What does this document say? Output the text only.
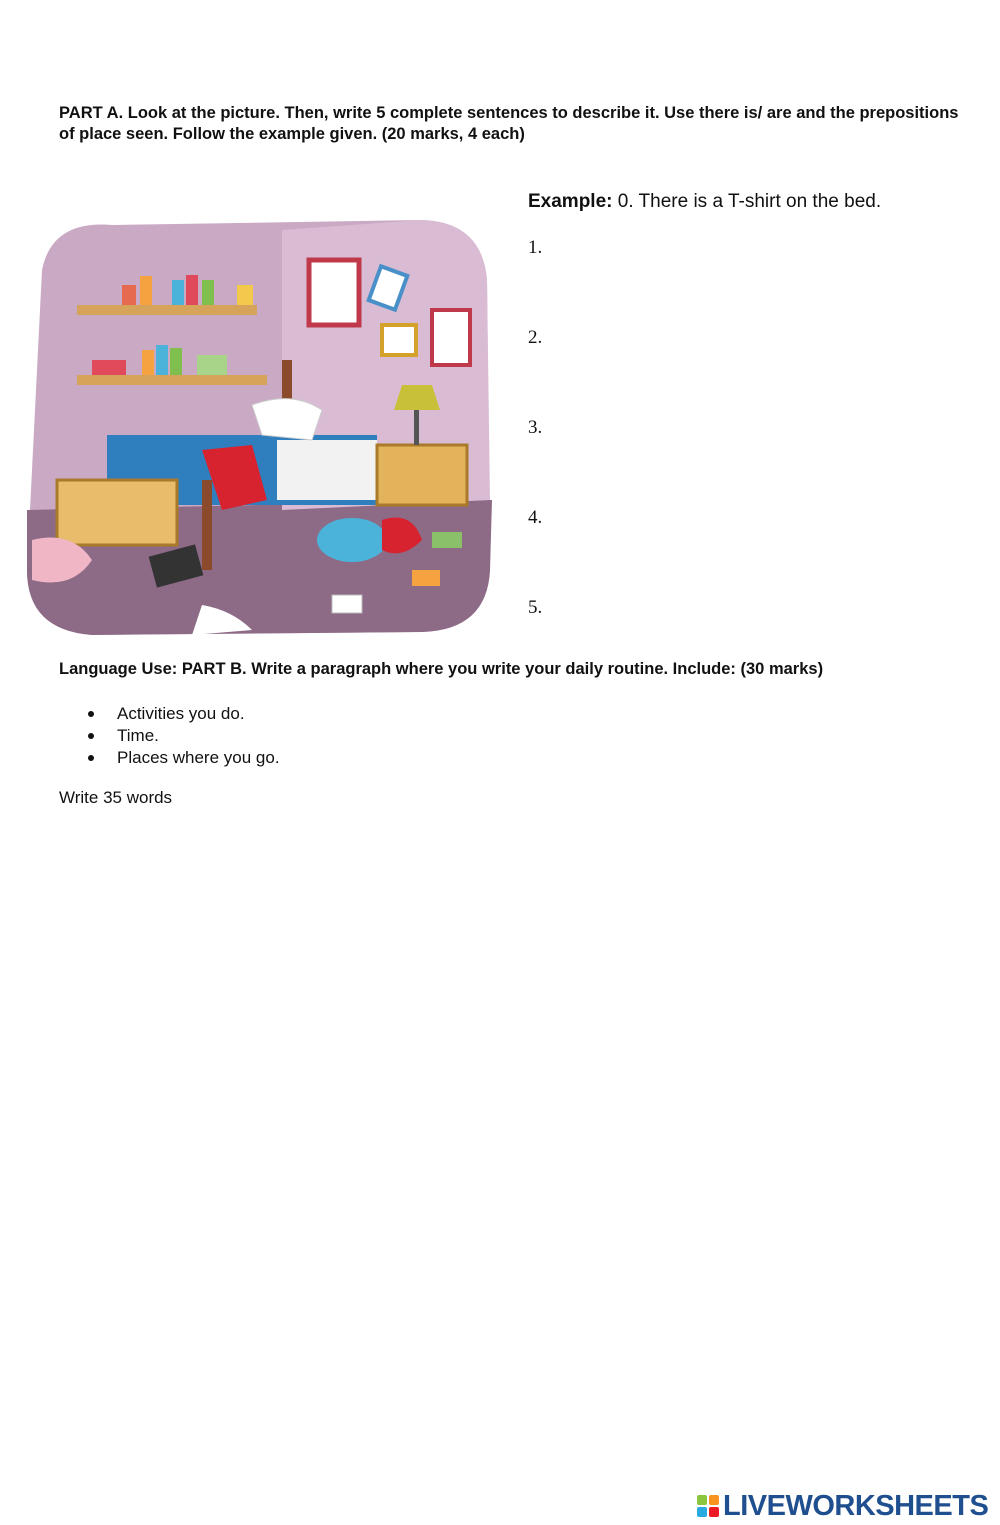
PART A. Look at the picture. Then, write 5 complete sentences to describe it. Use there is/ are and the prepositions of place seen. Follow the example given. (20 marks, 4 each)

Example: 0. There is a T-shirt on the bed.

1.
2.
3.
4.
5.

Language Use: PART B. Write a paragraph where you write your daily routine. Include: (30 marks)

Activities you do.
Time.
Places where you go.

Write 35 words

LIVEWORKSHEETS
